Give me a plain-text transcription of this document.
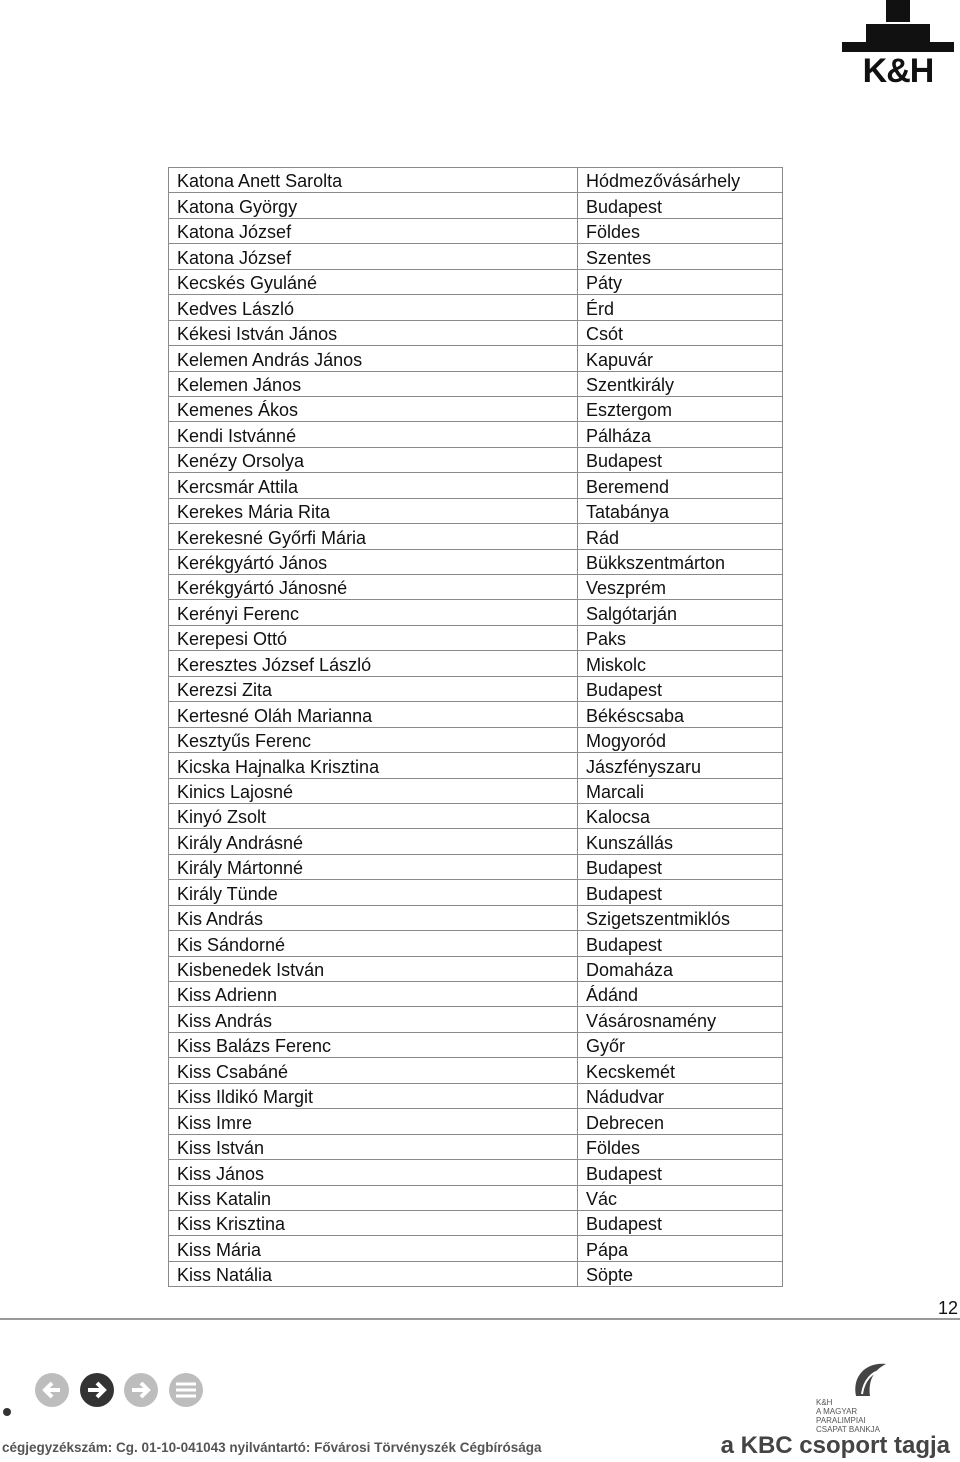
K&H
Katona Anett Sarolta	Hódmezővásárhely
Katona György	Budapest
Katona József	Földes
Katona József	Szentes
Kecskés Gyuláné	Páty
Kedves László	Érd
Kékesi István János	Csót
Kelemen András János	Kapuvár
Kelemen János	Szentkirály
Kemenes Ákos	Esztergom
Kendi Istvánné	Pálháza
Kenézy Orsolya	Budapest
Kercsmár Attila	Beremend
Kerekes Mária Rita	Tatabánya
Kerekesné Győrfi Mária	Rád
Kerékgyártó János	Bükkszentmárton
Kerékgyártó Jánosné	Veszprém
Kerényi Ferenc	Salgótarján
Kerepesi Ottó	Paks
Keresztes József László	Miskolc
Kerezsi Zita	Budapest
Kertesné Oláh Marianna	Békéscsaba
Kesztyűs Ferenc	Mogyoród
Kicska Hajnalka Krisztina	Jászfényszaru
Kinics Lajosné	Marcali
Kinyó Zsolt	Kalocsa
Király Andrásné	Kunszállás
Király Mártonné	Budapest
Király Tünde	Budapest
Kis András	Szigetszentmiklós
Kis Sándorné	Budapest
Kisbenedek István	Domaháza
Kiss Adrienn	Ádánd
Kiss András	Vásárosnamény
Kiss Balázs Ferenc	Győr
Kiss Csabáné	Kecskemét
Kiss Ildikó Margit	Nádudvar
Kiss Imre	Debrecen
Kiss István	Földes
Kiss János	Budapest
Kiss Katalin	Vác
Kiss Krisztina	Budapest
Kiss Mária	Pápa
Kiss Natália	Söpte
12
K&H
A MAGYAR
PARALIMPIAI
CSAPAT BANKJA
cégjegyzékszám: Cg. 01-10-041043 nyilvántartó: Fővárosi Törvényszék Cégbírósága	a KBC csoport tagja
